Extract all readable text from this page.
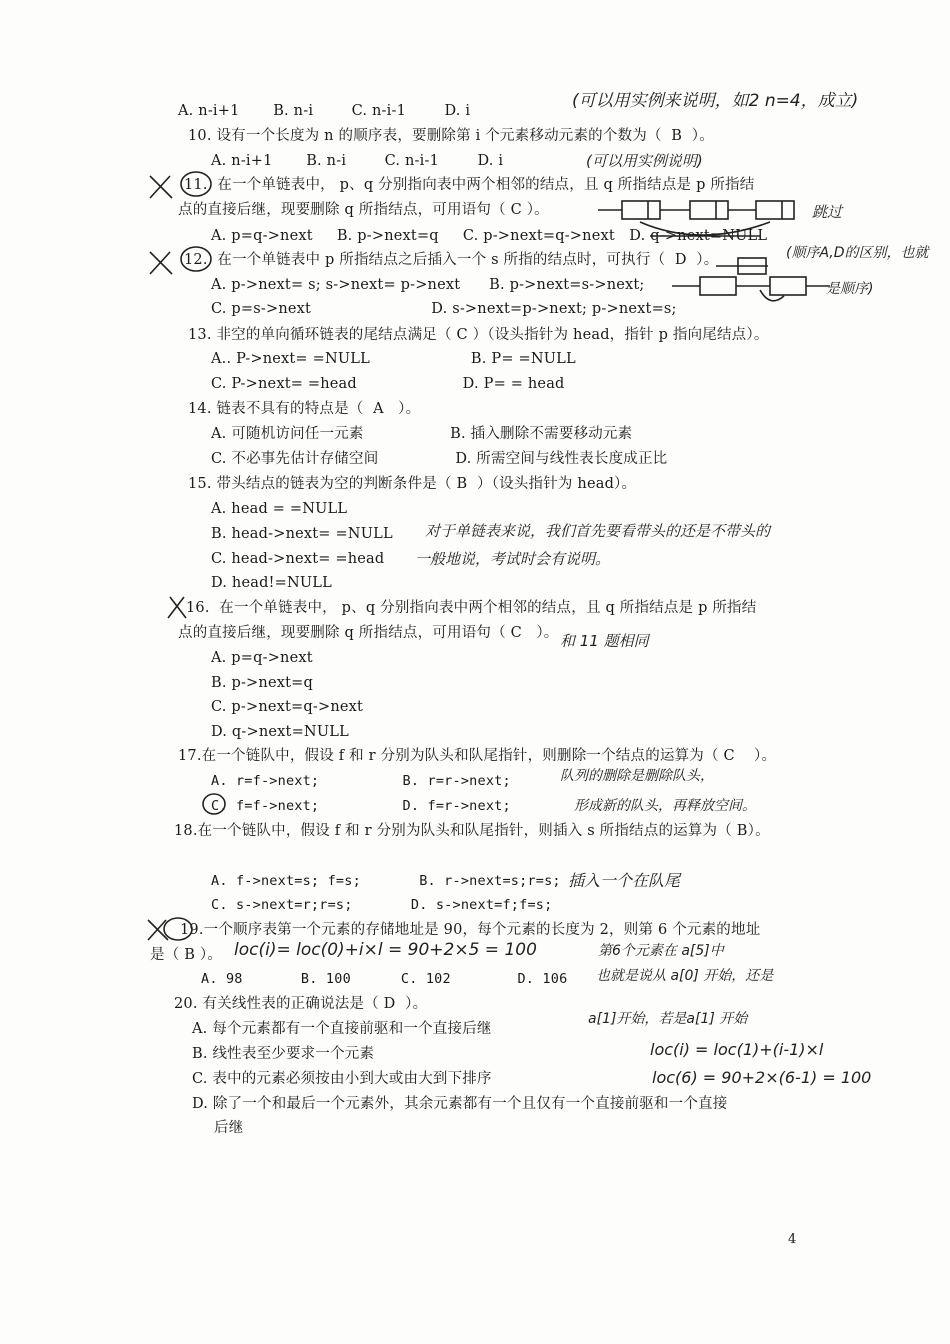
A. n-i+1       B. n-i        C. n-i-1        D. i
10. 设有一个长度为 n 的顺序表，要删除第 i 个元素移动元素的个数为（  B  ）。
A. n-i+1       B. n-i        C. n-i-1        D. i
11.  在一个单链表中， p、q 分别指向表中两个相邻的结点，且 q 所指结点是 p 所指结
点的直接后继，现要删除 q 所指结点，可用语句（ C ）。
A. p=q->next     B. p->next=q     C. p->next=q->next   D. q->next=NULL
12.  在一个单链表中 p 所指结点之后插入一个 s 所指的结点时，可执行（  D  ）。
A. p->next= s; s->next= p->next      B. p->next=s->next;
C. p=s->next                         D. s->next=p->next; p->next=s;
13. 非空的单向循环链表的尾结点满足（ C ）（设头指针为 head，指针 p 指向尾结点）。
A.. P->next= =NULL                     B. P= =NULL
C. P->next= =head                      D. P= = head
14. 链表不具有的特点是（  A   ）。
A. 可随机访问任一元素                  B. 插入删除不需要移动元素
C. 不必事先估计存储空间                D. 所需空间与线性表长度成正比
15. 带头结点的链表为空的判断条件是（ B  ）（设头指针为 head）。
A. head = =NULL
B. head->next= =NULL
C. head->next= =head
D. head!=NULL
16.  在一个单链表中， p、q 分别指向表中两个相邻的结点，且 q 所指结点是 p 所指结
点的直接后继，现要删除 q 所指结点，可用语句（ C   ）。
A. p=q->next
B. p->next=q
C. p->next=q->next
D. q->next=NULL
17.在一个链队中，假设 f 和 r 分别为队头和队尾指针，则删除一个结点的运算为（ C    ）。
A. r=f->next;          B. r=r->next;
C. f=f->next;          D. f=r->next;
18.在一个链队中，假设 f 和 r 分别为队头和队尾指针，则插入 s 所指结点的运算为（ B）。
A. f->next=s; f=s;       B. r->next=s;r=s;
C. s->next=r;r=s;       D. s->next=f;f=s;
19.一个顺序表第一个元素的存储地址是 90，每个元素的长度为 2，则第 6 个元素的地址
是（ B ）。
A. 98       B. 100      C. 102        D. 106
20. 有关线性表的正确说法是（ D  ）。
A. 每个元素都有一个直接前驱和一个直接后继
B. 线性表至少要求一个元素
C. 表中的元素必须按由小到大或由大到下排序
D. 除了一个和最后一个元素外，其余元素都有一个且仅有一个直接前驱和一个直接
后继
(可以用实例来说明，如2 n=4，成立)
(可以用实例说明)
跳过
(顺序A,D的区别，也就
是顺序)
对于单链表来说，我们首先要看带头的还是不带头的
一般地说，考试时会有说明。
和 11 题相同
队列的删除是删除队头，
形成新的队头，再释放空间。
插入一个在队尾
loc(i)= loc(0)+i×l = 90+2×5 = 100	第6个元素在 a[5]中
也就是说从 a[0] 开始，还是
a[1]开始，若是a[1] 开始
loc(i) = loc(1)+(i-1)×l
loc(6) = 90+2×(6-1) = 100
4
